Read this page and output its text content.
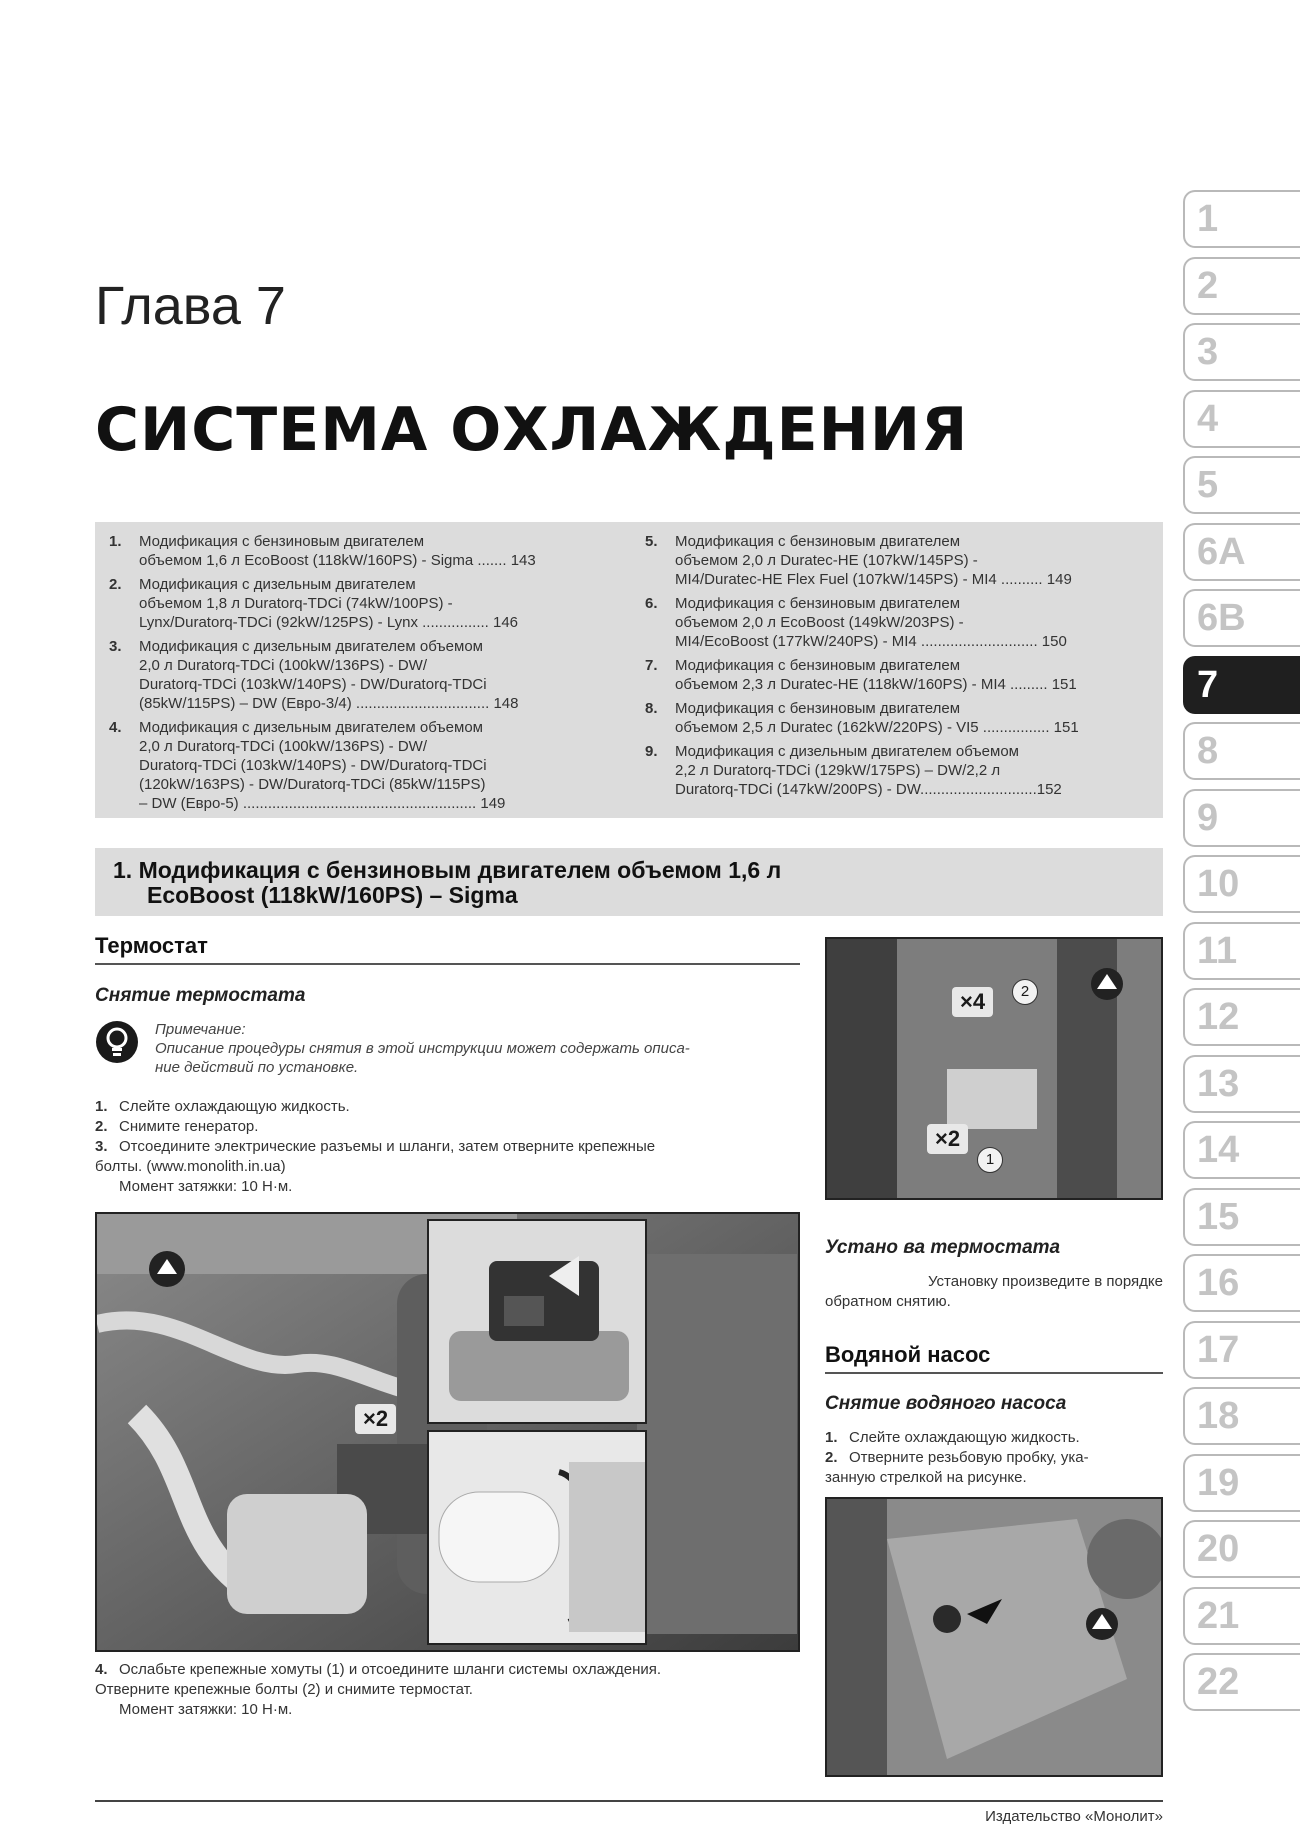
1
2
3
4
5
6A
6B
7
8
9
10
11
12
13
14
15
16
17
18
19
20
21
22
Глава 7
СИСТЕМА ОХЛАЖДЕНИЯ
1.	Модификация с бензиновым двигателем
объемом 1,6 л EcoBoost (118kW/160PS) - Sigma ....... 143
2.	Модификация с дизельным двигателем
объемом 1,8 л Duratorq-TDCi (74kW/100PS) -
Lynx/Duratorq-TDCi (92kW/125PS) - Lynx ................ 146
3.	Модификация с дизельным двигателем объемом
2,0 л Duratorq-TDCi (100kW/136PS) - DW/
Duratorq-TDCi (103kW/140PS) - DW/Duratorq-TDCi
(85kW/115PS) – DW (Евро-3/4) ................................ 148
4.	Модификация с дизельным двигателем объемом
2,0 л Duratorq-TDCi (100kW/136PS) - DW/
Duratorq-TDCi (103kW/140PS) - DW/Duratorq-TDCi
(120kW/163PS) - DW/Duratorq-TDCi (85kW/115PS)
– DW (Евро-5) ........................................................ 149
5.	Модификация с бензиновым двигателем
объемом 2,0 л Duratec-HE (107kW/145PS) -
MI4/Duratec-HE Flex Fuel (107kW/145PS) - MI4 .......... 149
6.	Модификация с бензиновым двигателем
объемом 2,0 л EcoBoost (149kW/203PS) -
MI4/EcoBoost (177kW/240PS) - MI4 ............................ 150
7.	Модификация с бензиновым двигателем
объемом 2,3 л Duratec-HE (118kW/160PS) - MI4 ......... 151
8.	Модификация с бензиновым двигателем
объемом 2,5 л Duratec (162kW/220PS) - VI5 ................ 151
9.	Модификация с дизельным двигателем объемом
2,2 л Duratorq-TDCi (129kW/175PS) – DW/2,2 л
Duratorq-TDCi (147kW/200PS) - DW............................152
1. Модификация с бензиновым двигателем объемом 1,6 л
EcoBoost (118kW/160PS) – Sigma
Термостат
Снятие термостата
Примечание:
Описание процедуры снятия в этой инструкции может содержать описа-
ние действий по установке.
1. Слейте охлаждающую жидкость.
2. Снимите генератор.
3. Отсоедините электрические разъемы и шланги, затем отверните крепежные
болты. (www.monolith.in.ua)
Момент затяжки: 10 Н·м.
×2
4. Ослабьте крепежные хомуты (1) и отсоедините шланги системы охлаждения.
Отверните крепежные болты (2) и снимите термостат.
Момент затяжки: 10 Н·м.
×4	2
×2
1
Устано ва термостата
Установку произведите в порядке
обратном снятию.
Водяной насос
Снятие водяного насоса
1. Слейте охлаждающую жидкость.
2. Отверните резьбовую пробку, ука-
занную стрелкой на рисунке.
Издательство «Монолит»
